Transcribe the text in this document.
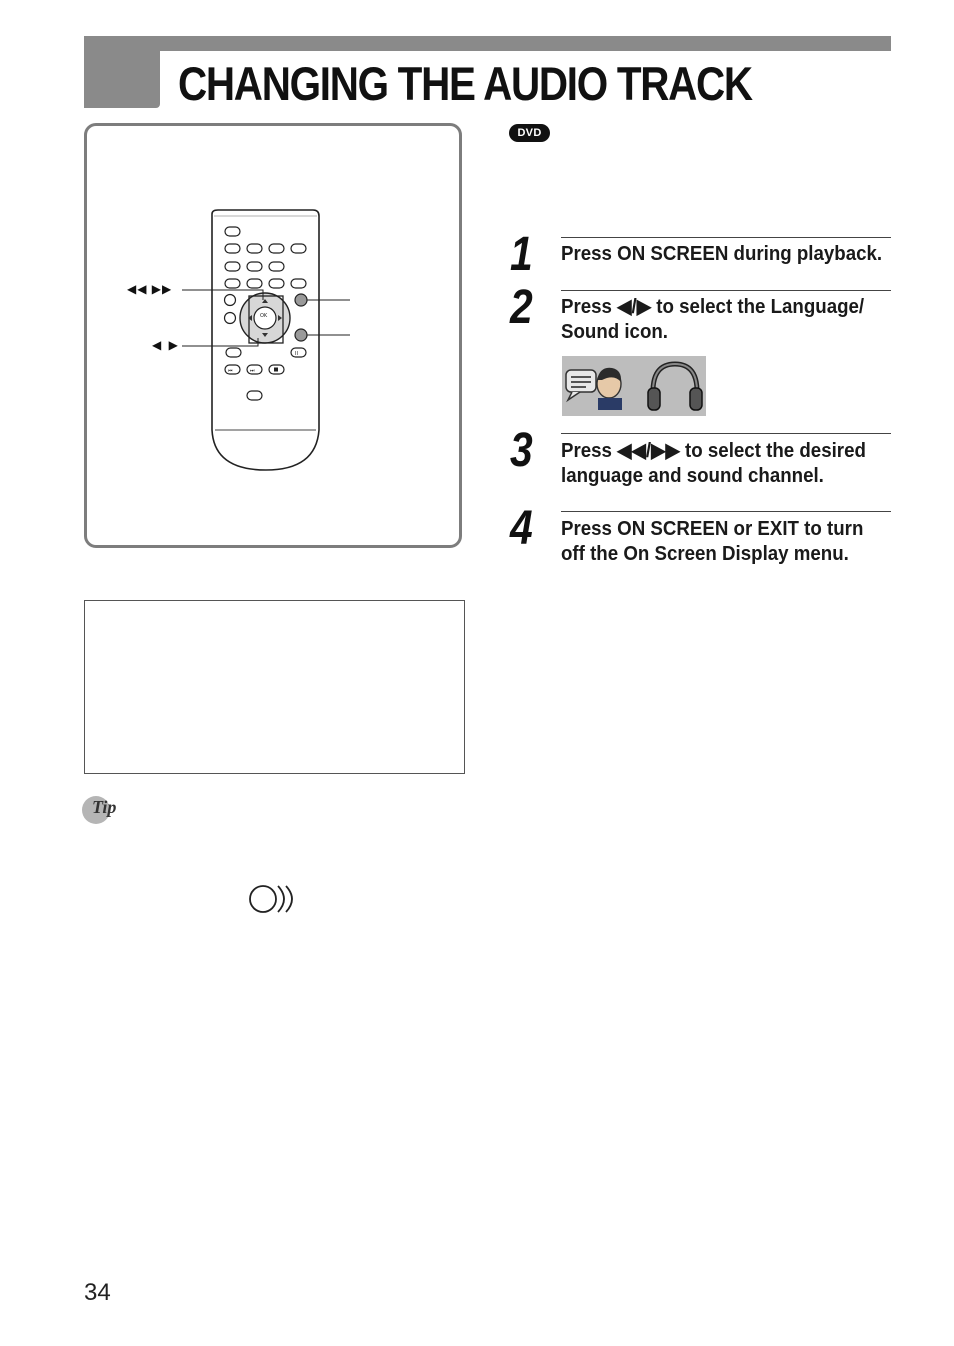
CHANGING THE AUDIO TRACK
◀◀ ▶▶
◀ ▶
⏮	⏭
II
OK
Tip
DVD
1 Press ON SCREEN during playback.
2 Press ◀/▶ to select the Language/ Sound icon.
3 Press ◀◀/▶▶ to select the desired language and sound channel.
4 Press ON SCREEN or EXIT to turn off the On Screen Display menu.
34
